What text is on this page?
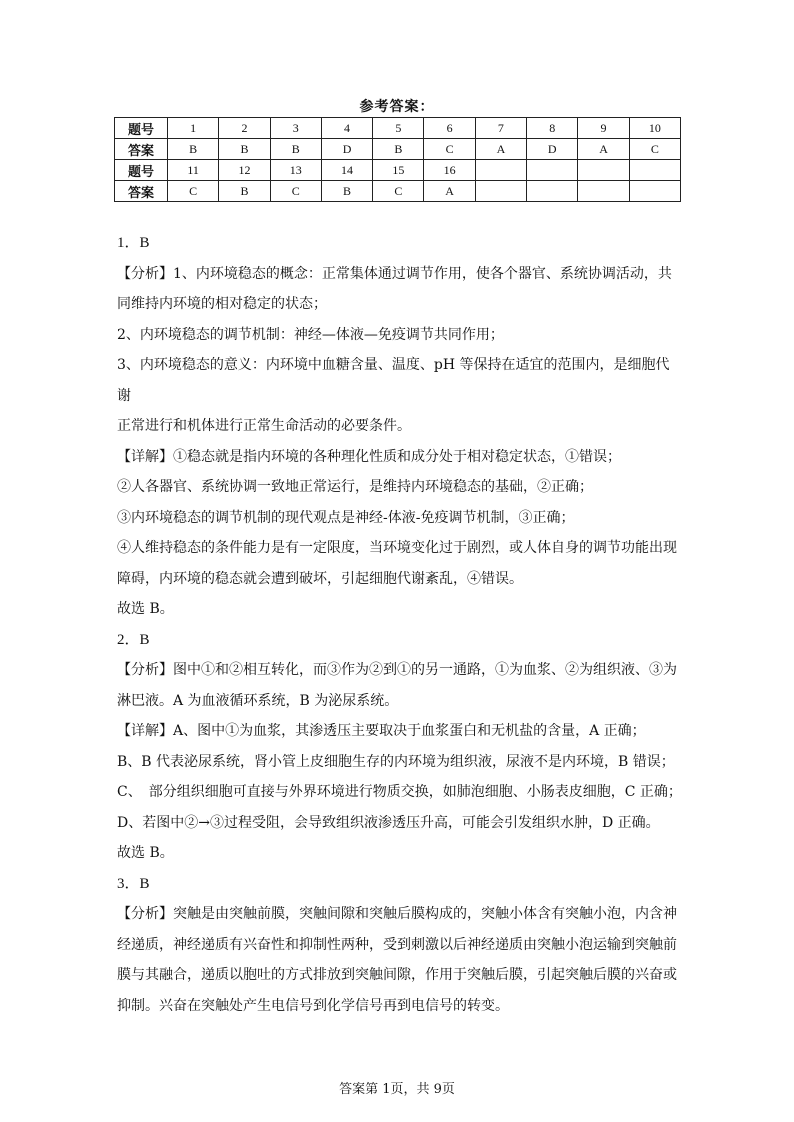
参考答案：
题号	1	2	3	4	5	6	7	8	9	10
答案	B	B	B	D	B	C	A	D	A	C
题号	11	12	13	14	15	16				
答案	C	B	C	B	C	A				

1．B

【分析】1、内环境稳态的概念：正常集体通过调节作用，使各个器官、系统协调活动，共

同维持内环境的相对稳定的状态；

2、内环境稳态的调节机制：神经—体液—免疫调节共同作用；

3、内环境稳态的意义：内环境中血糖含量、温度、pH 等保持在适宜的范围内，是细胞代谢

正常进行和机体进行正常生命活动的必要条件。

【详解】①稳态就是指内环境的各种理化性质和成分处于相对稳定状态，①错误；

②人各器官、系统协调一致地正常运行，是维持内环境稳态的基础，②正确；

③内环境稳态的调节机制的现代观点是神经-体液-免疫调节机制，③正确；

④人维持稳态的条件能力是有一定限度，当环境变化过于剧烈，或人体自身的调节功能出现

障碍，内环境的稳态就会遭到破坏，引起细胞代谢紊乱，④错误。

故选 B。

2．B

【分析】图中①和②相互转化，而③作为②到①的另一通路，①为血浆、②为组织液、③为

淋巴液。A 为血液循环系统，B 为泌尿系统。

【详解】A、图中①为血浆，其渗透压主要取决于血浆蛋白和无机盐的含量，A 正确；

B、B 代表泌尿系统，肾小管上皮细胞生存的内环境为组织液，尿液不是内环境，B 错误；

C、　部分组织细胞可直接与外界环境进行物质交换，如肺泡细胞、小肠表皮细胞，C 正确；

D、若图中②→③过程受阻，会导致组织液渗透压升高，可能会引发组织水肿，D 正确。

故选 B。

3．B

【分析】突触是由突触前膜，突触间隙和突触后膜构成的，突触小体含有突触小泡，内含神

经递质，神经递质有兴奋性和抑制性两种，受到刺激以后神经递质由突触小泡运输到突触前

膜与其融合，递质以胞吐的方式排放到突触间隙，作用于突触后膜，引起突触后膜的兴奋或

抑制。兴奋在突触处产生电信号到化学信号再到电信号的转变。

答案第 1页，共 9页
